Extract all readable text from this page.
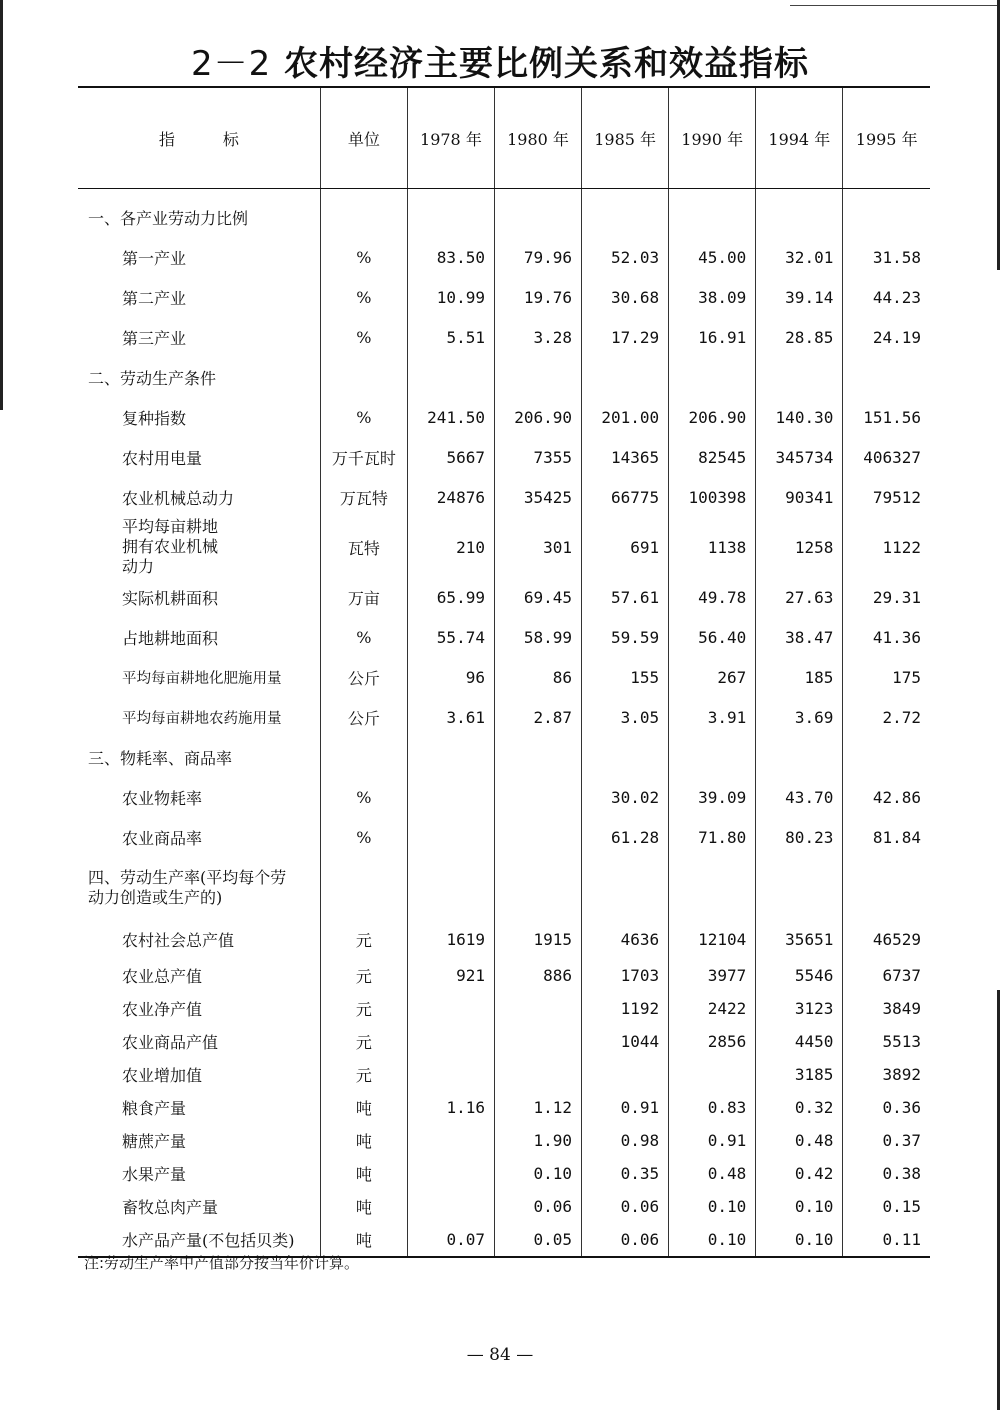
2－2 农村经济主要比例关系和效益指标
指　　　标	单位	1978 年	1980 年	1985 年	1990 年	1994 年	1995 年
一、各产业劳动力比例							
第一产业	%	83.50	79.96	52.03	45.00	32.01	31.58
第二产业	%	10.99	19.76	30.68	38.09	39.14	44.23
第三产业	%	5.51	3.28	17.29	16.91	28.85	24.19
二、劳动生产条件							
复种指数	%	241.50	206.90	201.00	206.90	140.30	151.56
农村用电量	万千瓦时	5667	7355	14365	82545	345734	406327
农业机械总动力	万瓦特	24876	35425	66775	100398	90341	79512
平均每亩耕地拥有农业机械动力	瓦特	210	301	691	1138	1258	1122
实际机耕面积	万亩	65.99	69.45	57.61	49.78	27.63	29.31
占地耕地面积	%	55.74	58.99	59.59	56.40	38.47	41.36
平均每亩耕地化肥施用量	公斤	96	86	155	267	185	175
平均每亩耕地农药施用量	公斤	3.61	2.87	3.05	3.91	3.69	2.72
三、物耗率、商品率							
农业物耗率	%			30.02	39.09	43.70	42.86
农业商品率	%			61.28	71.80	80.23	81.84
四、劳动生产率(平均每个劳动力创造或生产的)							
农村社会总产值	元	1619	1915	4636	12104	35651	46529
农业总产值	元	921	886	1703	3977	5546	6737
农业净产值	元			1192	2422	3123	3849
农业商品产值	元			1044	2856	4450	5513
农业增加值	元					3185	3892
粮食产量	吨	1.16	1.12	0.91	0.83	0.32	0.36
糖蔗产量	吨		1.90	0.98	0.91	0.48	0.37
水果产量	吨		0.10	0.35	0.48	0.42	0.38
畜牧总肉产量	吨		0.06	0.06	0.10	0.10	0.15
水产品产量(不包括贝类)	吨	0.07	0.05	0.06	0.10	0.10	0.11
注:劳动生产率中产值部分按当年价计算。
— 84 —
